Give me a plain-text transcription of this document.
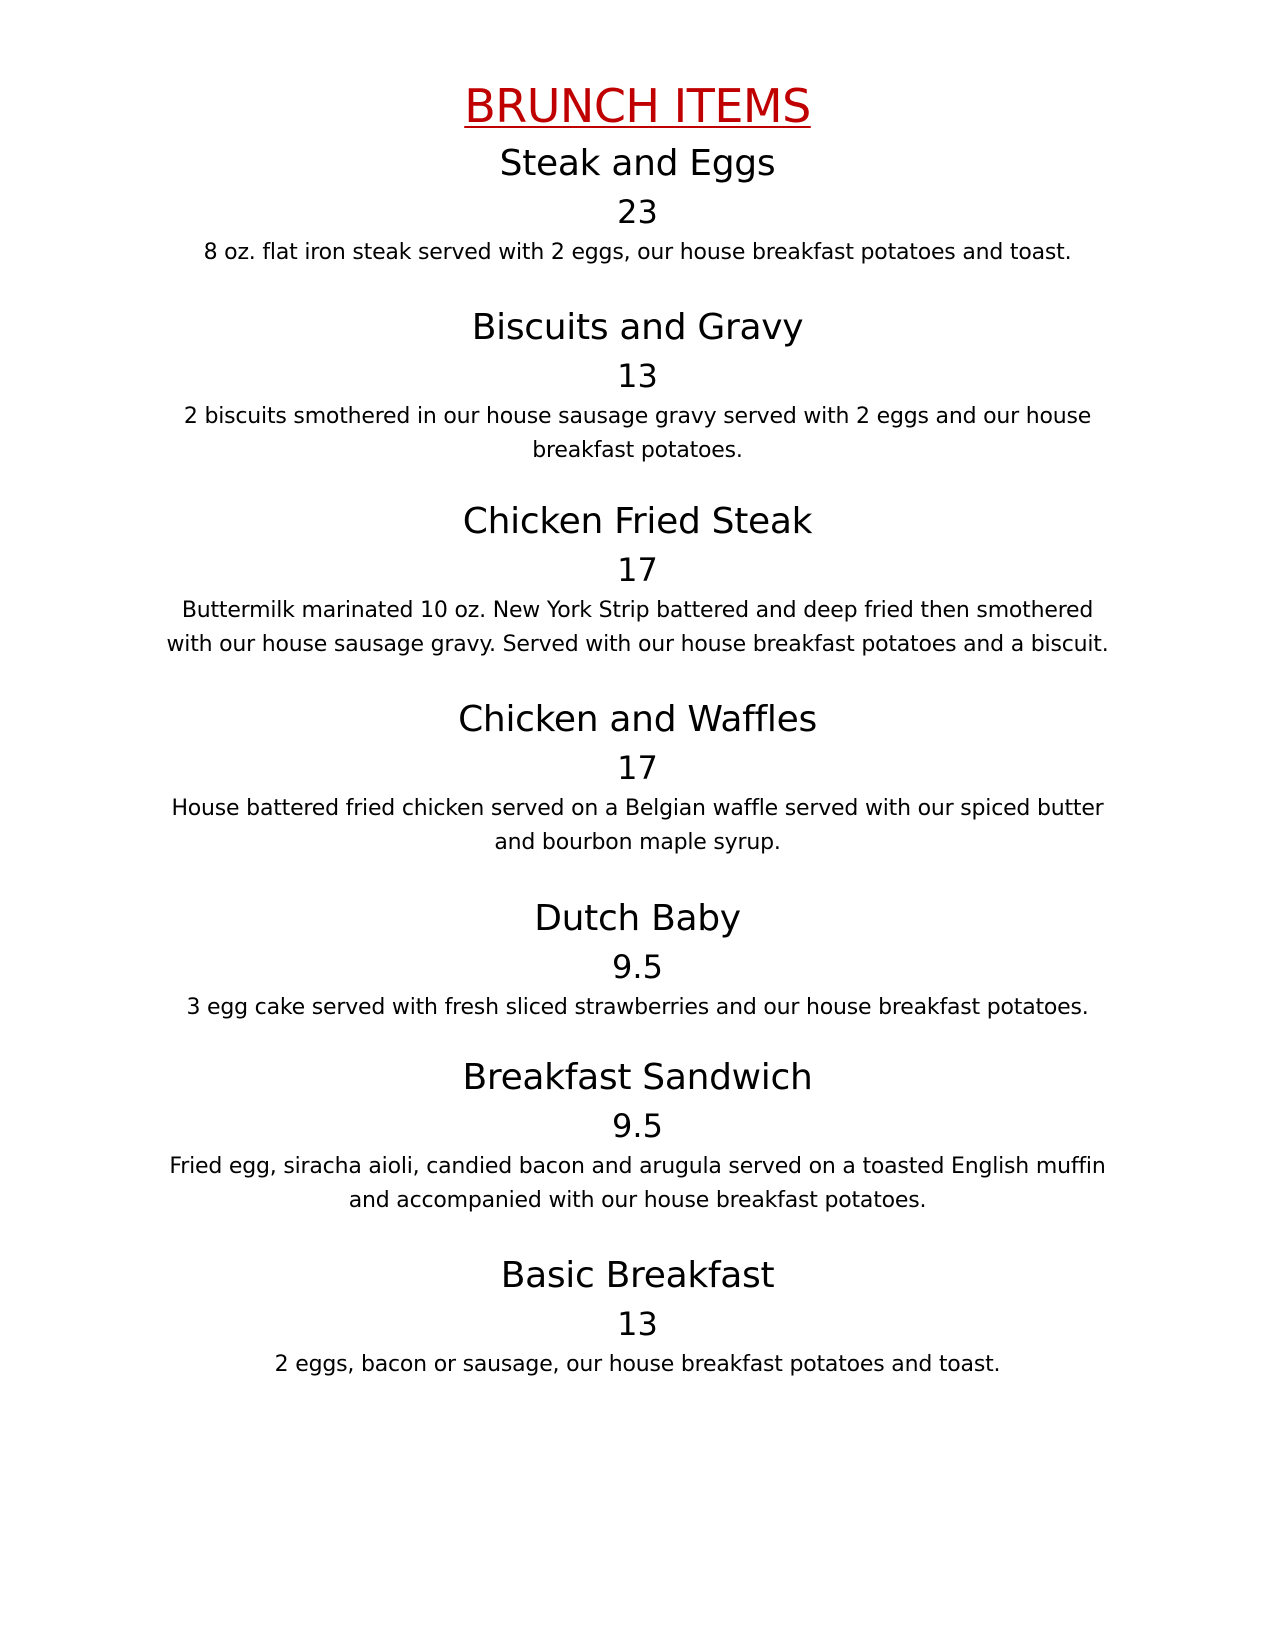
BRUNCH ITEMS
Steak and Eggs
23
8 oz. flat iron steak served with 2 eggs, our house breakfast potatoes and toast.
Biscuits and Gravy
13
2 biscuits smothered in our house sausage gravy served with 2 eggs and our house
breakfast potatoes.
Chicken Fried Steak
17
Buttermilk marinated 10 oz. New York Strip battered and deep fried then smothered
with our house sausage gravy. Served with our house breakfast potatoes and a biscuit.
Chicken and Waffles
17
House battered fried chicken served on a Belgian waffle served with our spiced butter
and bourbon maple syrup.
Dutch Baby
9.5
3 egg cake served with fresh sliced strawberries and our house breakfast potatoes.
Breakfast Sandwich
9.5
Fried egg, siracha aioli, candied bacon and arugula served on a toasted English muffin
and accompanied with our house breakfast potatoes.
Basic Breakfast
13
2 eggs, bacon or sausage, our house breakfast potatoes and toast.
